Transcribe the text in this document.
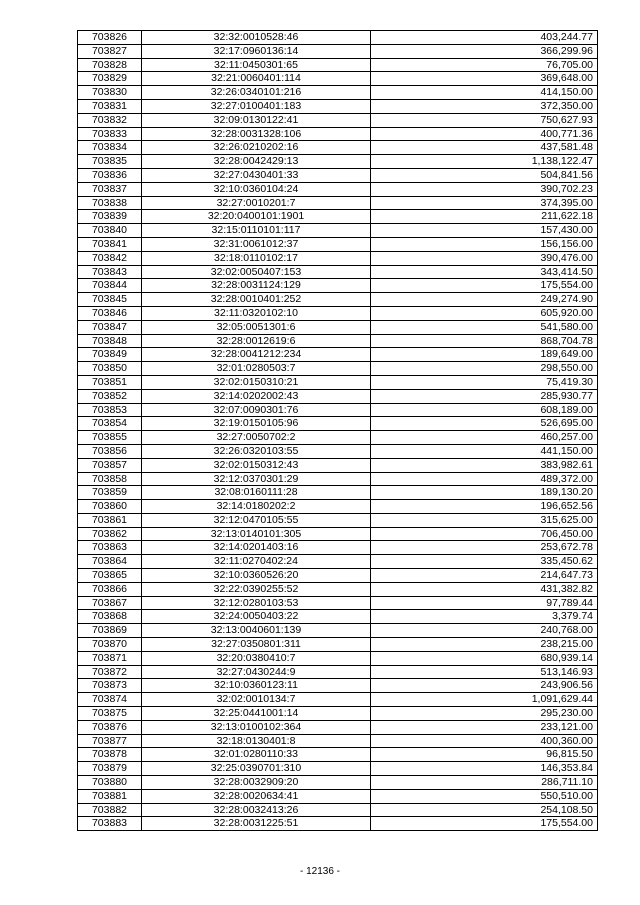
703826	32:32:0010528:46	403,244.77
703827	32:17:0960136:14	366,299.96
703828	32:11:0450301:65	76,705.00
703829	32:21:0060401:114	369,648.00
703830	32:26:0340101:216	414,150.00
703831	32:27:0100401:183	372,350.00
703832	32:09:0130122:41	750,627.93
703833	32:28:0031328:106	400,771.36
703834	32:26:0210202:16	437,581.48
703835	32:28:0042429:13	1,138,122.47
703836	32:27:0430401:33	504,841.56
703837	32:10:0360104:24	390,702.23
703838	32:27:0010201:7	374,395.00
703839	32:20:0400101:1901	211,622.18
703840	32:15:0110101:117	157,430.00
703841	32:31:0061012:37	156,156.00
703842	32:18:0110102:17	390,476.00
703843	32:02:0050407:153	343,414.50
703844	32:28:0031124:129	175,554.00
703845	32:28:0010401:252	249,274.90
703846	32:11:0320102:10	605,920.00
703847	32:05:0051301:6	541,580.00
703848	32:28:0012619:6	868,704.78
703849	32:28:0041212:234	189,649.00
703850	32:01:0280503:7	298,550.00
703851	32:02:0150310:21	75,419.30
703852	32:14:0202002:43	285,930.77
703853	32:07:0090301:76	608,189.00
703854	32:19:0150105:96	526,695.00
703855	32:27:0050702:2	460,257.00
703856	32:26:0320103:55	441,150.00
703857	32:02:0150312:43	383,982.61
703858	32:12:0370301:29	489,372.00
703859	32:08:0160111:28	189,130.20
703860	32:14:0180202:2	196,652.56
703861	32:12:0470105:55	315,625.00
703862	32:13:0140101:305	706,450.00
703863	32:14:0201403:16	253,672.78
703864	32:11:0270402:24	335,450.62
703865	32:10:0360526:20	214,647.73
703866	32:22:0390255:52	431,382.82
703867	32:12:0280103:53	97,789.44
703868	32:24:0050403:22	3,379.74
703869	32:13:0040601:139	240,768.00
703870	32:27:0350801:311	238,215.00
703871	32:20:0380410:7	680,939.14
703872	32:27:0430244:9	513,146.93
703873	32:10:0360123:11	243,906.56
703874	32:02:0010134:7	1,091,629.44
703875	32:25:0441001:14	295,230.00
703876	32:13:0100102:364	233,121.00
703877	32:18:0130401:8	400,360.00
703878	32:01:0280110:33	96,815.50
703879	32:25:0390701:310	146,353.84
703880	32:28:0032909:20	286,711.10
703881	32:28:0020634:41	550,510.00
703882	32:28:0032413:26	254,108.50
703883	32:28:0031225:51	175,554.00
- 12136 -
